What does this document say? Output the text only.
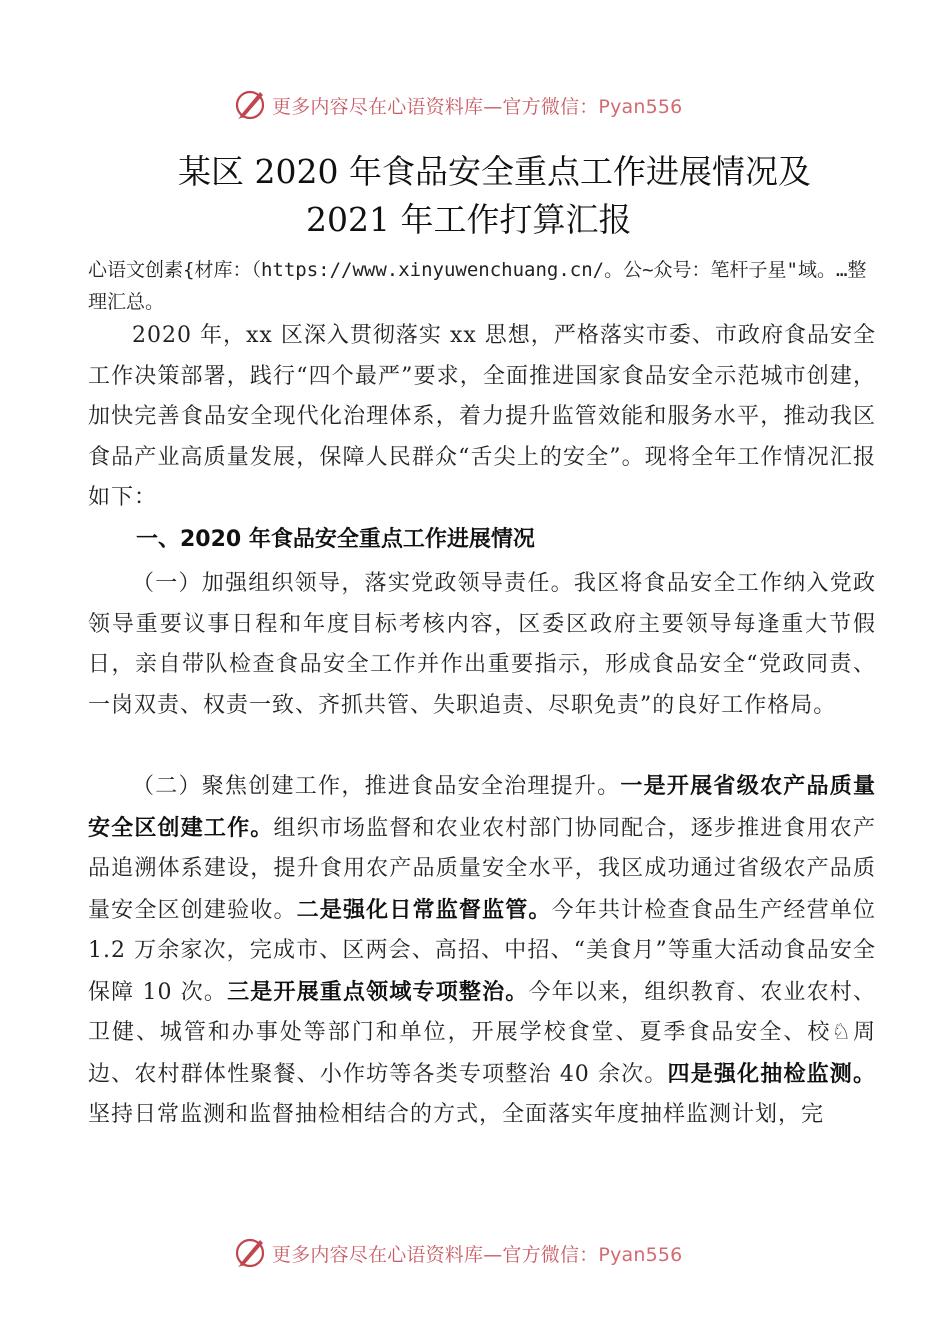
更多内容尽在心语资料库—官方微信：Pyan556
某区 2020 年食品安全重点工作进展情况及
2021 年工作打算汇报
心语文创素{材库：（https://www.xinyuwenchuang.cn/。公~众号：笔杆子星"域。…整理汇总。
2020 年，xx 区深入贯彻落实 xx 思想，严格落实市委、市政府食品安全工作决策部署，践行“四个最严”要求，全面推进国家食品安全示范城市创建，加快完善食品安全现代化治理体系，着力提升监管效能和服务水平，推动我区食品产业高质量发展，保障人民群众“舌尖上的安全”。现将全年工作情况汇报如下：
一、2020 年食品安全重点工作进展情况
（一）加强组织领导，落实党政领导责任。我区将食品安全工作纳入党政领导重要议事日程和年度目标考核内容，区委区政府主要领导每逢重大节假日，亲自带队检查食品安全工作并作出重要指示，形成食品安全“党政同责、一岗双责、权责一致、齐抓共管、失职追责、尽职免责”的良好工作格局。
（二）聚焦创建工作，推进食品安全治理提升。一是开展省级农产品质量安全区创建工作。组织市场监督和农业农村部门协同配合，逐步推进食用农产品追溯体系建设，提升食用农产品质量安全水平，我区成功通过省级农产品质量安全区创建验收。二是强化日常监督监管。今年共计检查食品生产经营单位 1.2 万余家次，完成市、区两会、高招、中招、“美食月”等重大活动食品安全保障 10 次。三是开展重点领域专项整治。今年以来，组织教育、农业农村、卫健、城管和办事处等部门和单位，开展学校食堂、夏季食品安全、校♘周边、农村群体性聚餐、小作坊等各类专项整治 40 余次。四是强化抽检监测。坚持日常监测和监督抽检相结合的方式，全面落实年度抽样监测计划，完
更多内容尽在心语资料库—官方微信：Pyan556
